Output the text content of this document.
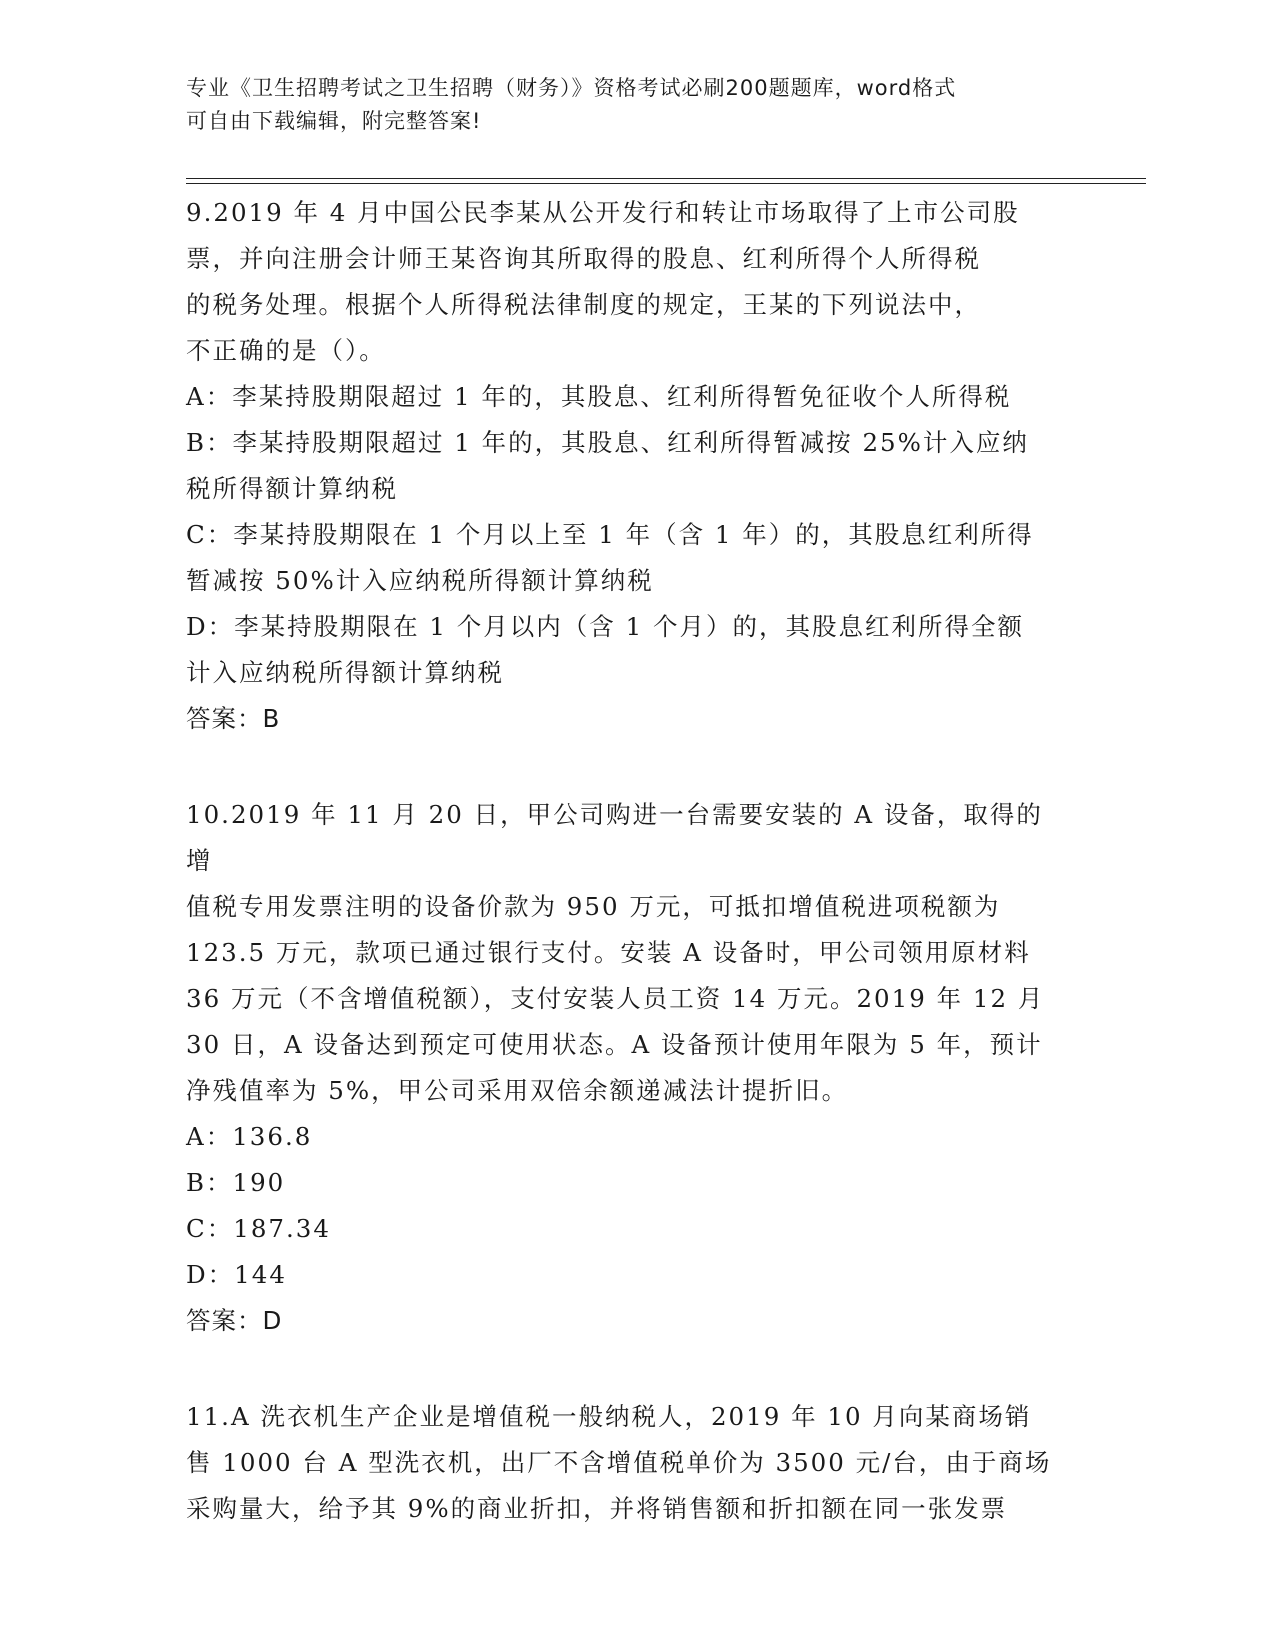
专业《卫生招聘考试之卫生招聘（财务）》资格考试必刷200题题库，word格式
可自由下载编辑，附完整答案!

9.2019 年 4 月中国公民李某从公开发行和转让市场取得了上市公司股

票，并向注册会计师王某咨询其所取得的股息、红利所得个人所得税

的税务处理。根据个人所得税法律制度的规定，王某的下列说法中，

不正确的是（）。

A：李某持股期限超过 1 年的，其股息、红利所得暂免征收个人所得税

B：李某持股期限超过 1 年的，其股息、红利所得暂减按 25%计入应纳

税所得额计算纳税

C：李某持股期限在 1 个月以上至 1 年（含 1 年）的，其股息红利所得

暂减按 50%计入应纳税所得额计算纳税

D：李某持股期限在 1 个月以内（含 1 个月）的，其股息红利所得全额

计入应纳税所得额计算纳税

答案：B

10.2019 年 11 月 20 日，甲公司购进一台需要安装的 A 设备，取得的增

值税专用发票注明的设备价款为 950 万元，可抵扣增值税进项税额为

123.5 万元，款项已通过银行支付。安装 A 设备时，甲公司领用原材料

36 万元（不含增值税额），支付安装人员工资 14 万元。2019 年 12 月

30 日，A 设备达到预定可使用状态。A 设备预计使用年限为 5 年，预计

净残值率为 5%，甲公司采用双倍余额递减法计提折旧。

A：136.8

B：190

C：187.34

D：144

答案：D

11.A 洗衣机生产企业是增值税一般纳税人，2019 年 10 月向某商场销

售 1000 台 A 型洗衣机，出厂不含增值税单价为 3500 元/台，由于商场

采购量大，给予其 9%的商业折扣，并将销售额和折扣额在同一张发票
